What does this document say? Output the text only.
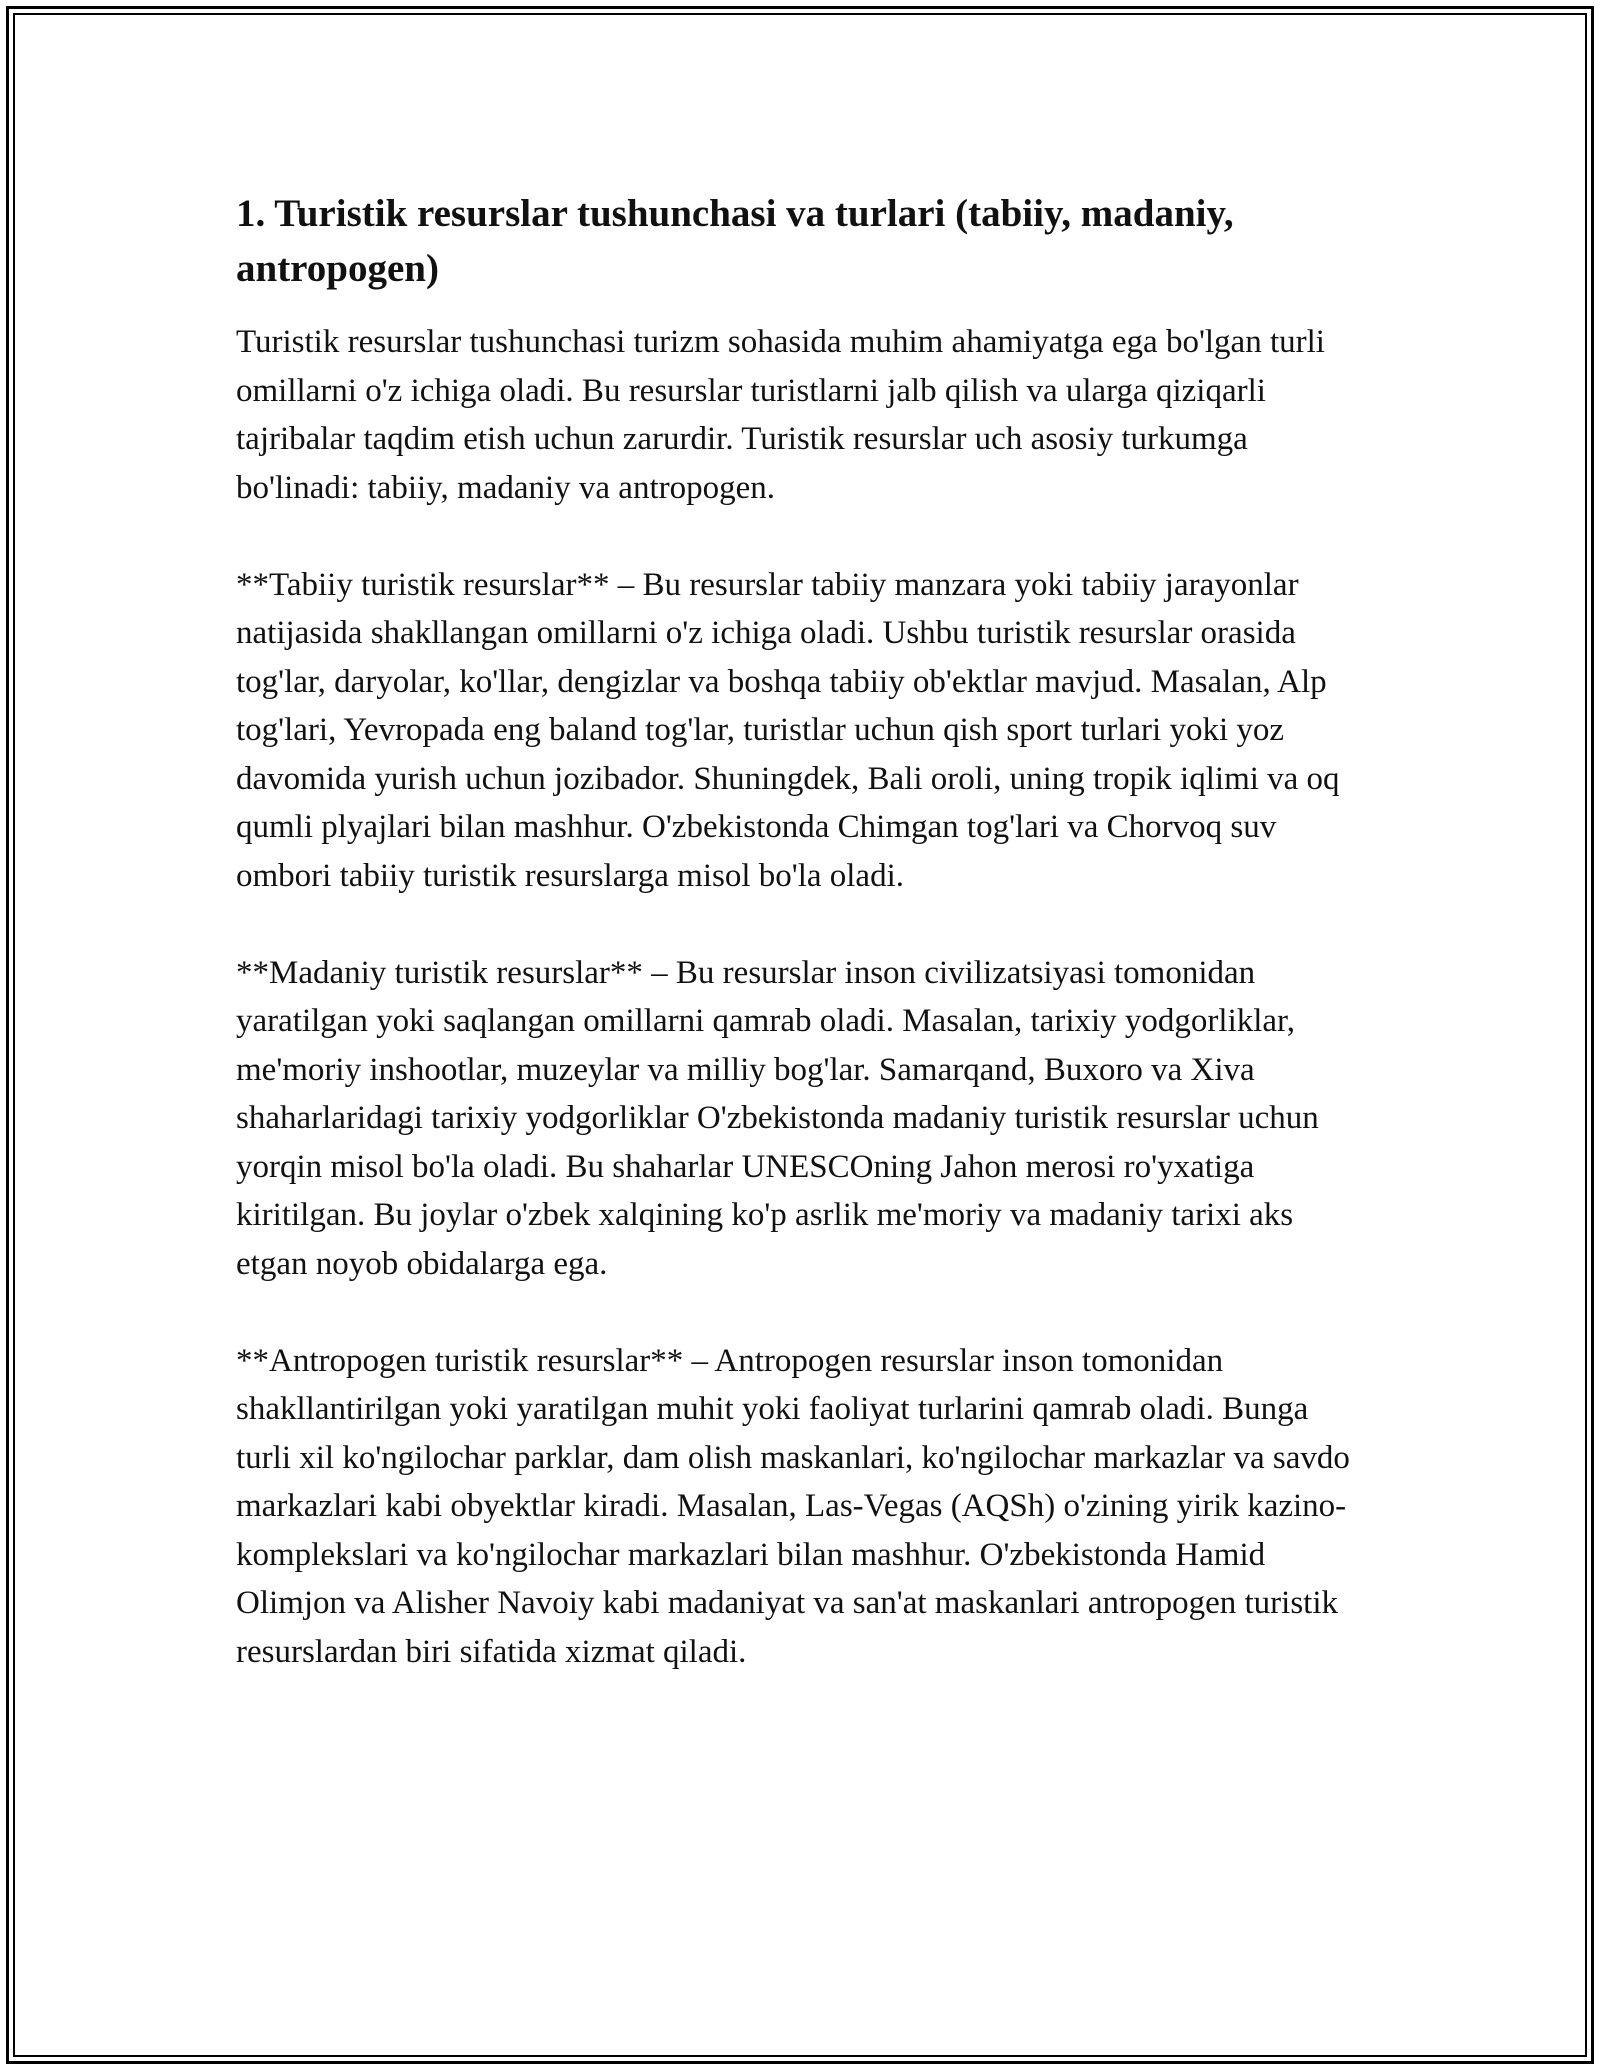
1. Turistik resurslar tushunchasi va turlari (tabiiy, madaniy, antropogen)

Turistik resurslar tushunchasi turizm sohasida muhim ahamiyatga ega bo'lgan turli omillarni o'z ichiga oladi. Bu resurslar turistlarni jalb qilish va ularga qiziqarli tajribalar taqdim etish uchun zarurdir. Turistik resurslar uch asosiy turkumga bo'linadi: tabiiy, madaniy va antropogen.

**Tabiiy turistik resurslar** – Bu resurslar tabiiy manzara yoki tabiiy jarayonlar natijasida shakllangan omillarni o'z ichiga oladi. Ushbu turistik resurslar orasida tog'lar, daryolar, ko'llar, dengizlar va boshqa tabiiy ob'ektlar mavjud. Masalan, Alp tog'lari, Yevropada eng baland tog'lar, turistlar uchun qish sport turlari yoki yoz davomida yurish uchun jozibador. Shuningdek, Bali oroli, uning tropik iqlimi va oq qumli plyajlari bilan mashhur. O'zbekistonda Chimgan tog'lari va Chorvoq suv ombori tabiiy turistik resurslarga misol bo'la oladi.

**Madaniy turistik resurslar** – Bu resurslar inson civilizatsiyasi tomonidan yaratilgan yoki saqlangan omillarni qamrab oladi. Masalan, tarixiy yodgorliklar, me'moriy inshootlar, muzeylar va milliy bog'lar. Samarqand, Buxoro va Xiva shaharlaridagi tarixiy yodgorliklar O'zbekistonda madaniy turistik resurslar uchun yorqin misol bo'la oladi. Bu shaharlar UNESCOning Jahon merosi ro'yxatiga kiritilgan. Bu joylar o'zbek xalqining ko'p asrlik me'moriy va madaniy tarixi aks etgan noyob obidalarga ega.

**Antropogen turistik resurslar** – Antropogen resurslar inson tomonidan shakllantirilgan yoki yaratilgan muhit yoki faoliyat turlarini qamrab oladi. Bunga turli xil ko'ngilochar parklar, dam olish maskanlari, ko'ngilochar markazlar va savdo markazlari kabi obyektlar kiradi. Masalan, Las-Vegas (AQSh) o'zining yirik kazino-komplekslari va ko'ngilochar markazlari bilan mashhur. O'zbekistonda Hamid Olimjon va Alisher Navoiy kabi madaniyat va san'at maskanlari antropogen turistik resurslardan biri sifatida xizmat qiladi.
